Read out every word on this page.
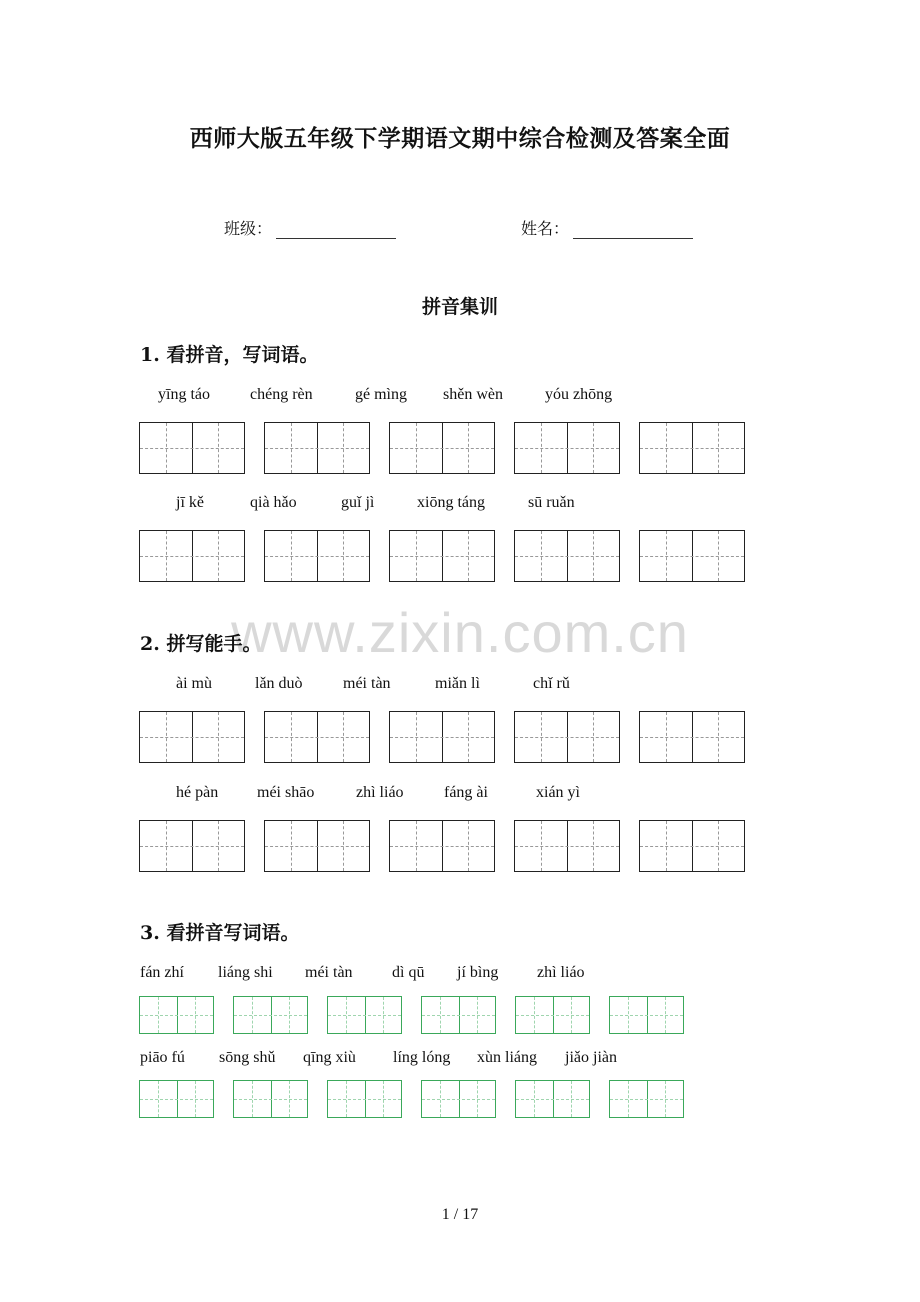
西师大版五年级下学期语文期中综合检测及答案全面
班级：	姓名：
拼音集训
www.zixin.com.cn
1. 看拼音，写词语。
yīng táo	chéng rèn	gé mìng shěn wèn	yóu zhōng
jī kě	qià hǎo	guǐ jì	xiōng táng	sū ruǎn
2. 拼写能手。
ài mù	lǎn duò	méi tàn	miǎn lì	chǐ rǔ
hé pàn méi shāo	zhì liáo	fáng ài	xián yì
3. 看拼音写词语。
fán zhí liáng shi méi tàn dì qū jí bìng zhì liáo
piāo fú sōng shǔ qīng xiù líng lóng xùn liáng jiǎo jiàn
1 / 17
